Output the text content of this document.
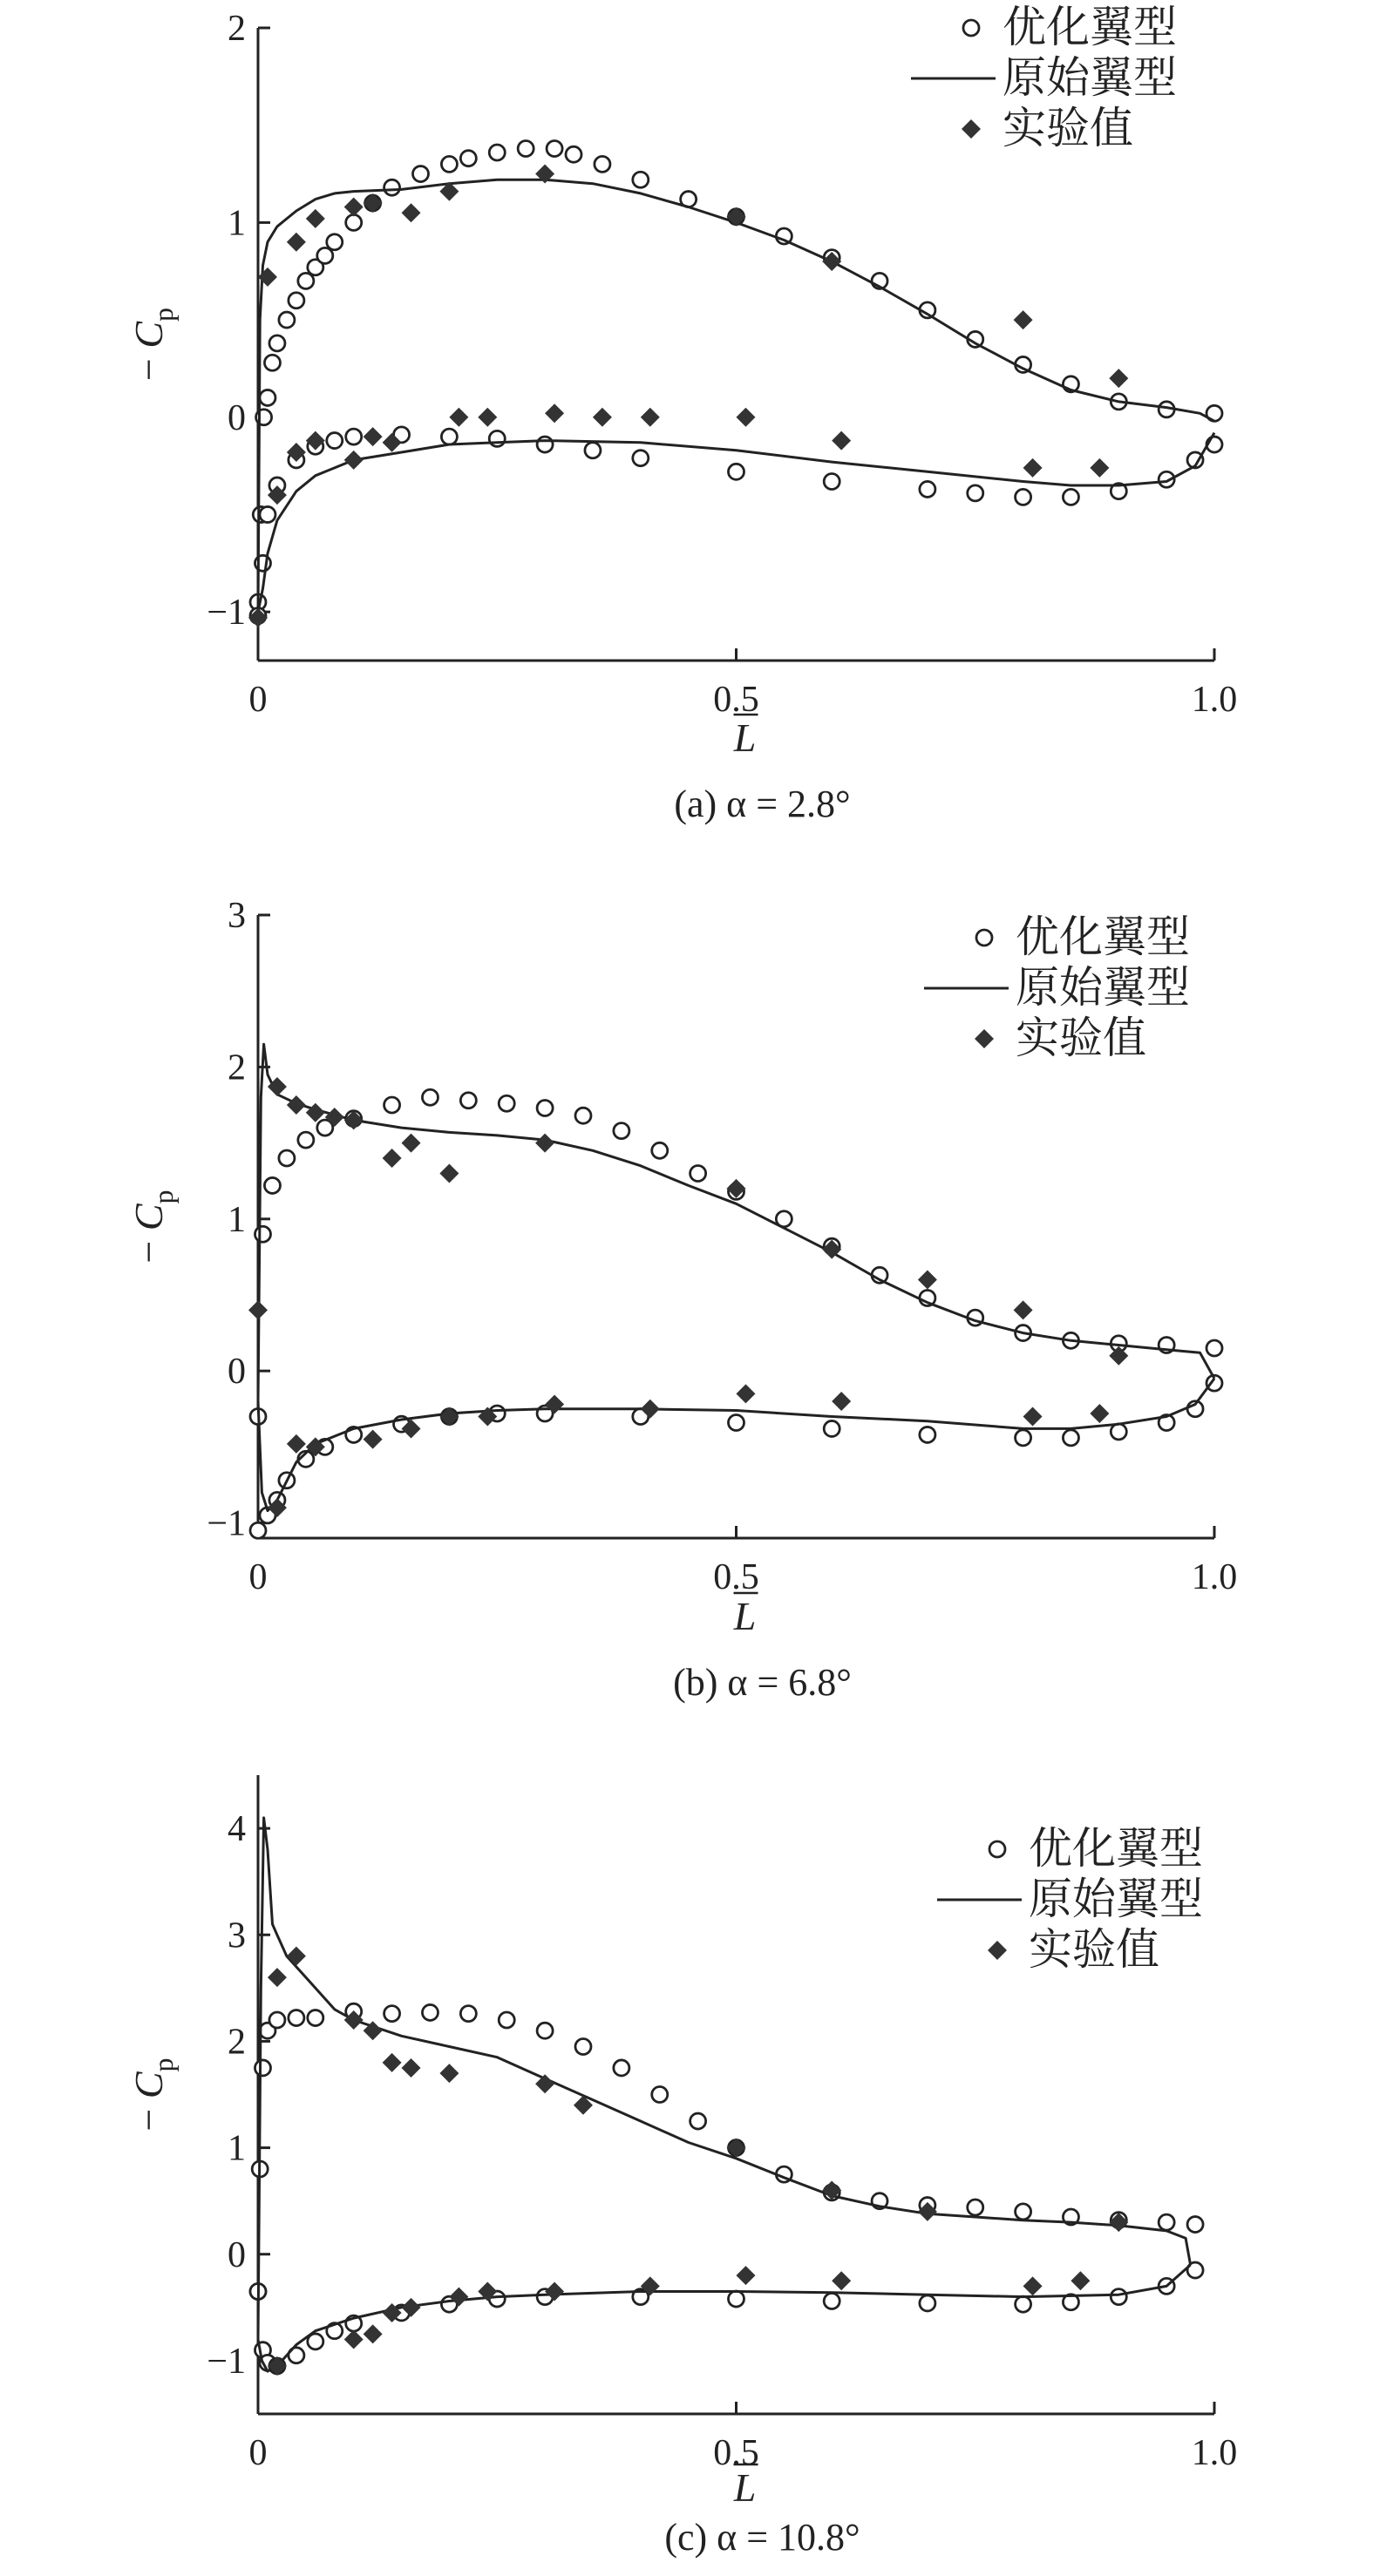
−1
0
1
2
0	0.5	1.0
− $C_p$
L
(a) α = 2.8°
优化翼型
原始翼型
实验值
−1
0
1
2
3
0	0.5	1.0
− $C_p$
L
(b) α = 6.8°
优化翼型
原始翼型
实验值
−1
0
1
2
3
4
0	0.5	1.0
− $C_p$
L
(c) α = 10.8°
优化翼型
原始翼型
实验值
